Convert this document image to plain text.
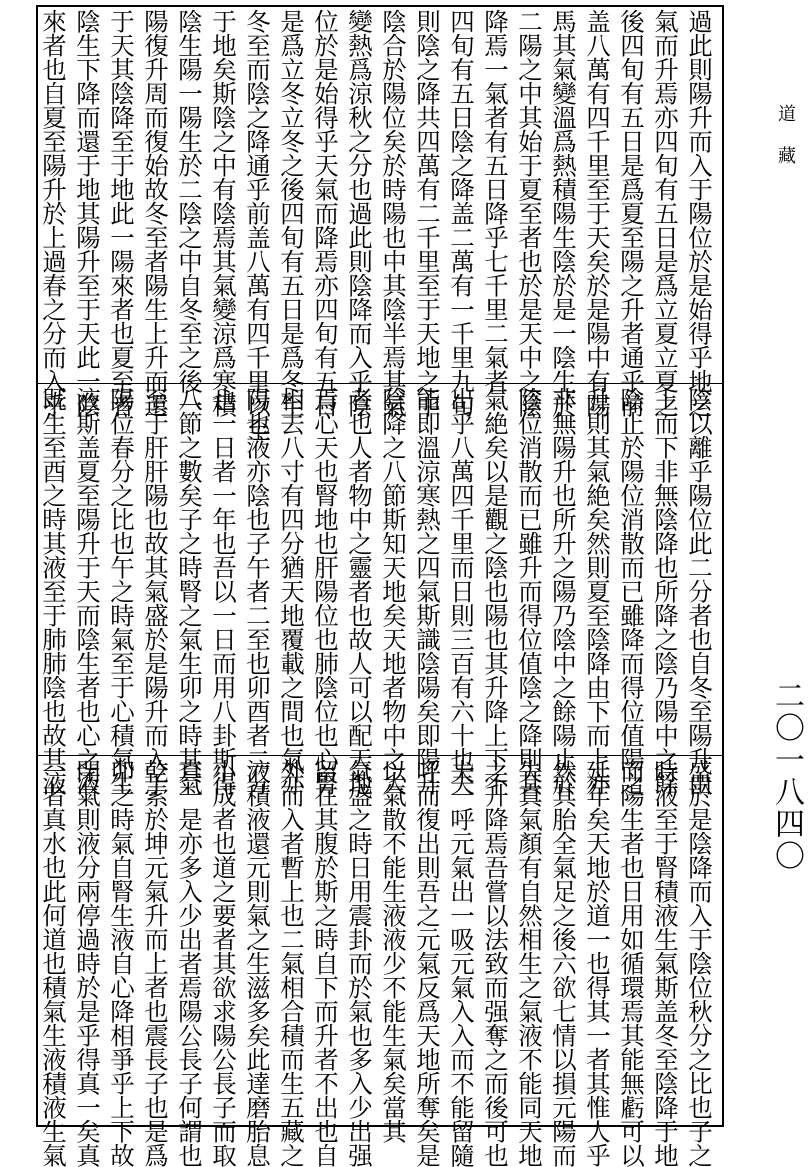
過此則陽升而入于陽位於是始得乎地之
氣而升焉亦四旬有五日是爲立夏立夏之
後四旬有五日是爲夏至陽之升者通乎前
盖八萬有四千里至于天矣於是陽中有陽
馬其氣變溫爲熱積陽生陰於是一陰生於
二陽之中其始于夏至者也於是天中之陰
降焉一氣者有五日降乎七千里二氣者
四旬有五日陰之降盖二萬有一千里九旬
則陰之降共四萬有二千里至于天地之中
陰合於陽位矣於時陽也中其陰半焉其氣
變熱爲涼秋之分也過此則陰降而入乎陰
位於是始得乎天氣而降焉亦四旬有五日
是爲立冬立冬之後四旬有五日是爲冬至
冬至而陰之降通乎前盖八萬有四千里以至
于地矣斯陰之中有陰焉其氣變涼爲寒積
陰生陽一陽生於二陰之中自冬至之後一
陽復升周而復始故冬至者陽生上升而還
于天其陰降至于地此一陽來者也夏至者
陰生下降而還于地其陽升至于天此一陰
來者也自夏至陽升於上過春之分而入乎
陰以離乎陽位此二分者也自冬至陽升由
上而下非無陰降也所降之陰乃陽中之餘
陰止於陽位消散而已雖降而得位值陽之
升則其氣絶矣然則夏至陰降由下而上亦
非無陽升也所升之陽乃陰中之餘陽止於
陰位消散而已雖升而得位值陰之降則其
氣絶矣以是觀之陰也陽也其升降上下不
出乎八萬四千里而日則三百有六十也夫
能即溫涼寒熱之四氣斯識陰陽矣即陽升
陰降之八節斯知天地矣天地者物中之大
者也人者物中之靈者也故人可以配天地
焉心天也腎地也肝陽位也肺陰位也心腎
相去八寸有四分猶天地覆載之間也氣亦
陽也液亦陰也子午者二至也卯酉者二分
也一日者一年也吾以一日而用八卦斯得
八節之數矣子之時腎之氣生卯之時其氣
至于肝肝陽也故其氣盛於是陽升而入于
陽位春分之比也午之時氣至于心積氣生
液斯盖夏至陽升于天而陰生者也心之液
既生至酉之時其液至于肺肺陰也故其液
盛於是陰降而入于陰位秋分之比也子之
時液至于腎積液生氣斯盖冬至陰降于地
而陽生者也日用如循環焉其能無虧可以
延年矣天地於道一也得其一者其惟人乎
然其胎全氣足之後六欲七情以損元陽而
失真氣顏有自然相生之氣液不能同天地
之升降焉吾嘗以法致而强奪之而後可也
夫一呼元氣出一吸元氣入入而不能留隨
呼而復出則吾之元氣反爲天地所奪矣是
以氣散不能生液液少不能生氣矣當其
氣盛之時日用震卦而於氣也多入少出强
留在其腹於斯之時自下而升者不出也自
外而入者暫上也二氣相合積而生五藏之
液積液還元則氣之生滋多矣此達磨胎息
小成者也道之要者其欲求陽公長子而取
真一是亦多入少出者焉陽公長子何謂也
乾索於坤元氣升而上者也震長子也是爲
卯之時氣自腎生液自心降相爭乎上下故
閉氣則液分兩停過時於是乎得真一矣真
一者真水也此何道也積氣生液積液生氣
道藏
二〇一八四〇
